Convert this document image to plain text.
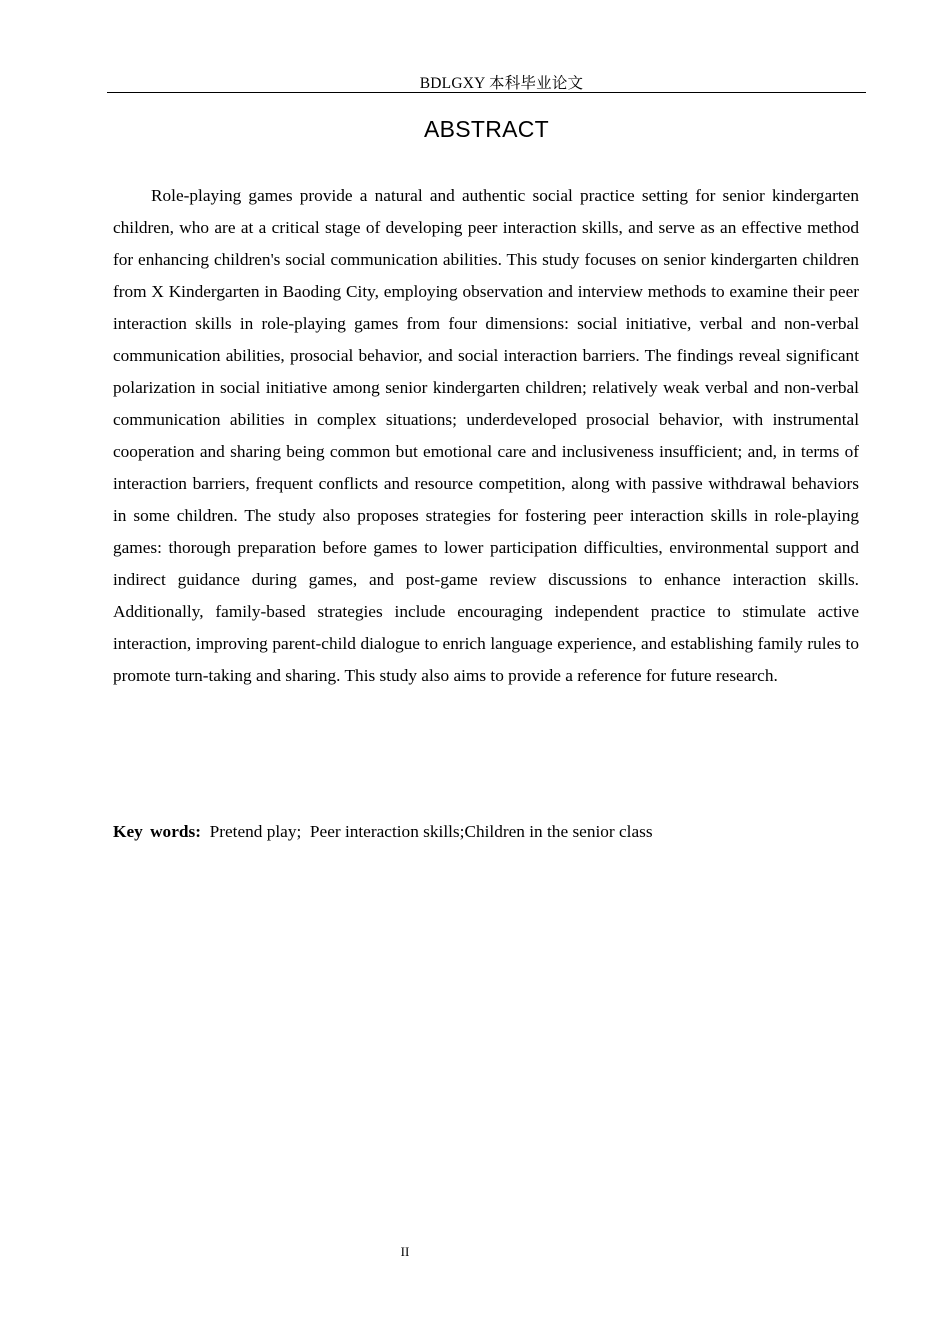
BDLGXY 本科毕业论文
ABSTRACT

Role-playing games provide a natural and authentic social practice setting for senior kindergarten children, who are at a critical stage of developing peer interaction skills, and serve as an effective method for enhancing children's social communication abilities. This study focuses on senior kindergarten children from X Kindergarten in Baoding City, employing observation and interview methods to examine their peer interaction skills in role-playing games from four dimensions: social initiative, verbal and non-verbal communication abilities, prosocial behavior, and social interaction barriers. The findings reveal significant polarization in social initiative among senior kindergarten children; relatively weak verbal and non-verbal communication abilities in complex situations; underdeveloped prosocial behavior, with instrumental cooperation and sharing being common but emotional care and inclusiveness insufficient; and, in terms of interaction barriers, frequent conflicts and resource competition, along with passive withdrawal behaviors in some children. The study also proposes strategies for fostering peer interaction skills in role-playing games: thorough preparation before games to lower participation difficulties, environmental support and indirect guidance during games, and post-game review discussions to enhance interaction skills. Additionally, family-based strategies include encouraging independent practice to stimulate active interaction, improving parent-child dialogue to enrich language experience, and establishing family rules to promote turn-taking and sharing. This study also aims to provide a reference for future research.

Key words:  Pretend play;  Peer interaction skills;Children in the senior class
II
